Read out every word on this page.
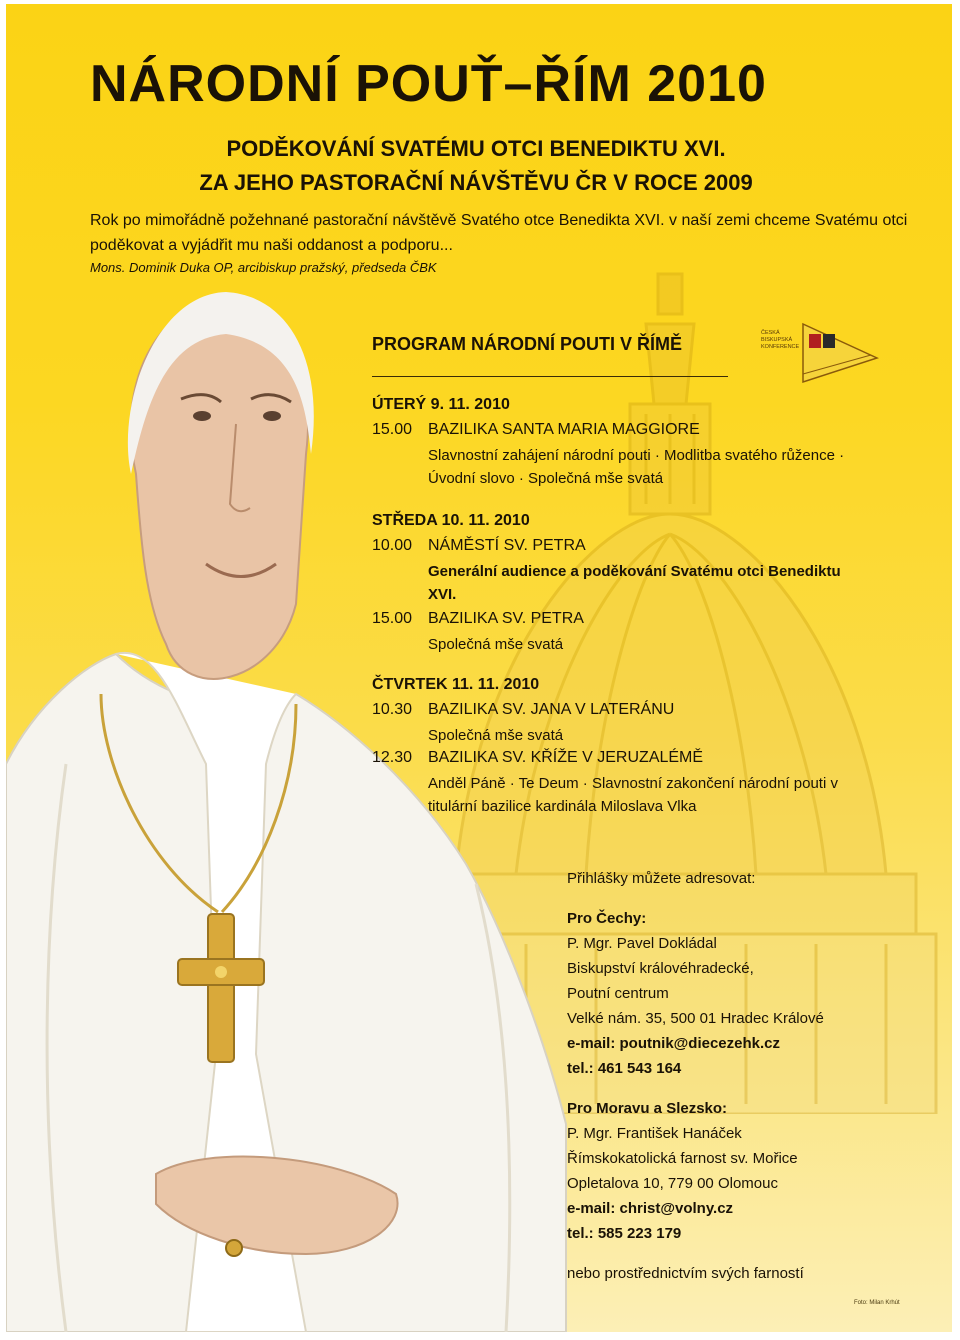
NÁRODNÍ POUŤ–ŘÍM 2010
PODĚKOVÁNÍ SVATÉMU OTCI BENEDIKTU XVI.
ZA JEHO PASTORAČNÍ NÁVŠTĚVU ČR V ROCE 2009
Rok po mimořádně požehnané pastorační návštěvě Svatého otce Benedikta XVI. v naší zemi chceme Svatému otci poděkovat a vyjádřit mu naši oddanost a podporu...
Mons. Dominik Duka OP, arcibiskup pražský, předseda ČBK
PROGRAM NÁRODNÍ POUTI V ŘÍMĚ
ČESKÁ BISKUPSKÁ KONFERENCE
ÚTERÝ 9. 11. 2010
15.00 BAZILIKA SANTA MARIA MAGGIORE
Slavnostní zahájení národní pouti · Modlitba svatého růžence · Úvodní slovo · Společná mše svatá
STŘEDA 10. 11. 2010
10.00 NÁMĚSTÍ SV. PETRA
Generální audience a poděkování Svatému otci Benediktu XVI.
15.00 BAZILIKA SV. PETRA
Společná mše svatá
ČTVRTEK 11. 11. 2010
10.30 BAZILIKA SV. JANA V LATERÁNU
Společná mše svatá
12.30 BAZILIKA SV. KŘÍŽE V JERUZALÉMĚ
Anděl Páně · Te Deum · Slavnostní zakončení národní pouti v titulární bazilice kardinála Miloslava Vlka
Přihlášky můžete adresovat:
Pro Čechy:
P. Mgr. Pavel Dokládal
Biskupství královéhradecké,
Poutní centrum
Velké nám. 35, 500 01 Hradec Králové
e-mail: poutnik@diecezehk.cz
tel.: 461 543 164
Pro Moravu a Slezsko:
P. Mgr. František Hanáček
Římskokatolická farnost sv. Mořice
Opletalova 10, 779 00 Olomouc
e-mail: christ@volny.cz
tel.: 585 223 179
nebo prostřednictvím svých farností
Foto: Milan Krhút
